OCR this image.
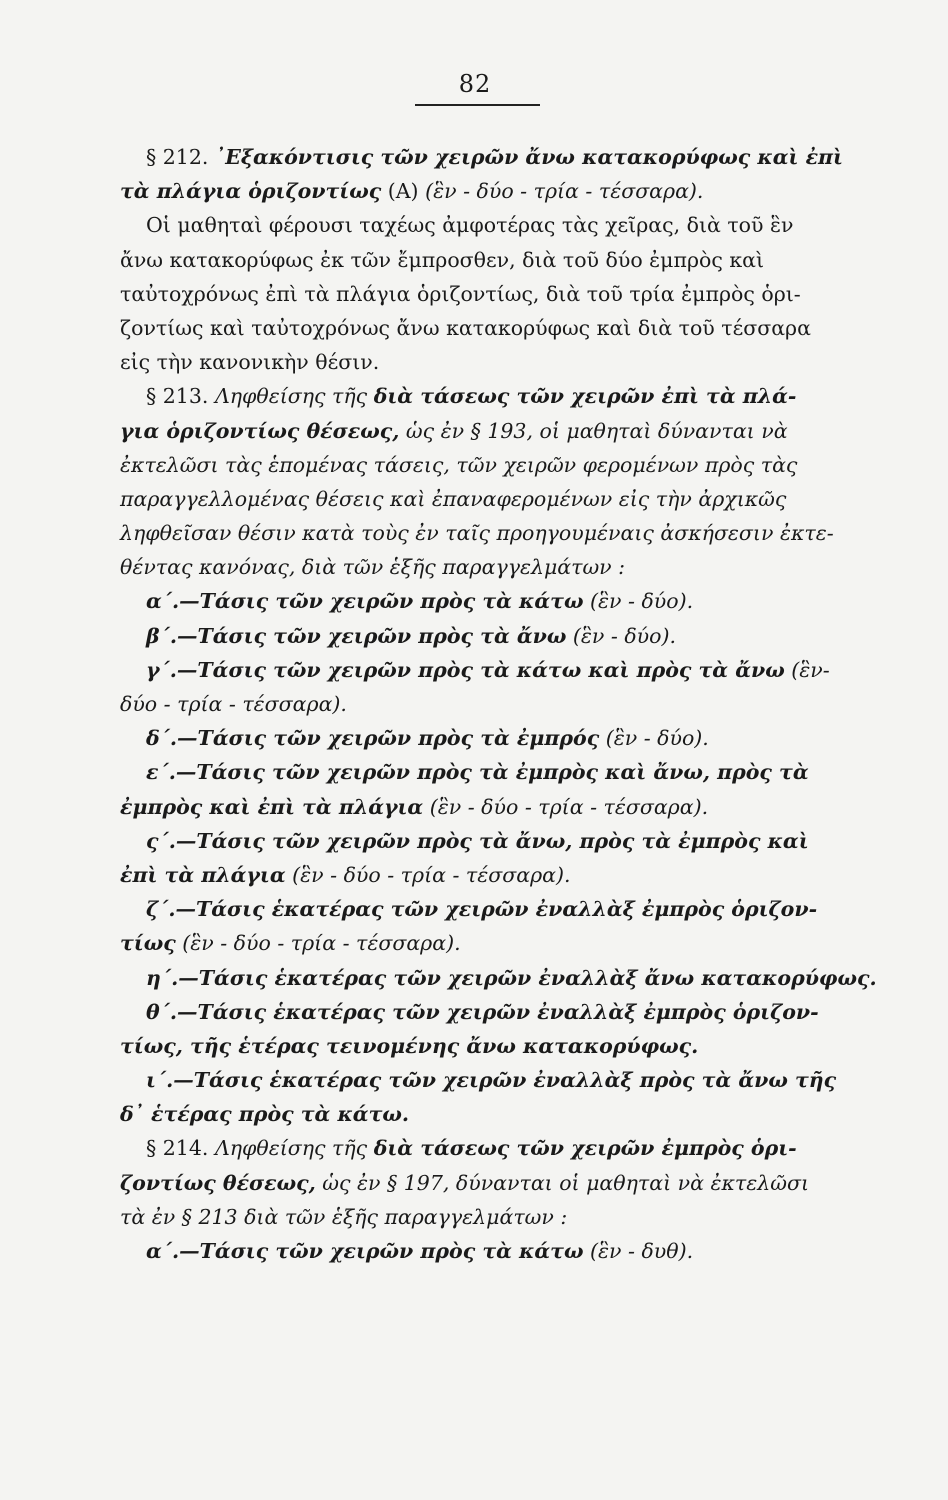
82
§ 212. ᾿Εξακόντισις τῶν χειρῶν ἄνω κατακορύφως καὶ ἐπὶ
τὰ πλάγια ὁριζοντίως (Α) (ἓν - δύο - τρία - τέσσαρα).
Οἱ μαθηταὶ φέρουσι ταχέως ἀμφοτέρας τὰς χεῖρας, διὰ τοῦ ἓν
ἄνω κατακορύφως ἐκ τῶν ἔμπροσθεν, διὰ τοῦ δύο ἐμπρὸς καὶ
ταὐτοχρόνως ἐπὶ τὰ πλάγια ὁριζοντίως, διὰ τοῦ τρία ἐμπρὸς ὁρι-
ζοντίως καὶ ταὐτοχρόνως ἄνω κατακορύφως καὶ διὰ τοῦ τέσσαρα
εἰς τὴν κανονικὴν θέσιν.
§ 213. Ληφθείσης τῆς διὰ τάσεως τῶν χειρῶν ἐπὶ τὰ πλά-
για ὁριζοντίως θέσεως, ὡς ἐν § 193, οἱ μαθηταὶ δύνανται νὰ
ἐκτελῶσι τὰς ἑπομένας τάσεις, τῶν χειρῶν φερομένων πρὸς τὰς
παραγγελλομένας θέσεις καὶ ἐπαναφερομένων εἰς τὴν ἀρχικῶς
ληφθεῖσαν θέσιν κατὰ τοὺς ἐν ταῖς προηγουμέναις ἀσκήσεσιν ἐκτε-
θέντας κανόνας, διὰ τῶν ἑξῆς παραγγελμάτων :
α΄.—Τάσις τῶν χειρῶν πρὸς τὰ κάτω (ἓν - δύο).
β΄.—Τάσις τῶν χειρῶν πρὸς τὰ ἄνω (ἓν - δύο).
γ΄.—Τάσις τῶν χειρῶν πρὸς τὰ κάτω καὶ πρὸς τὰ ἄνω (ἓν-
δύο - τρία - τέσσαρα).
δ΄.—Τάσις τῶν χειρῶν πρὸς τὰ ἐμπρός (ἓν - δύο).
ε΄.—Τάσις τῶν χειρῶν πρὸς τὰ ἐμπρὸς καὶ ἄνω, πρὸς τὰ
ἐμπρὸς καὶ ἐπὶ τὰ πλάγια (ἓν - δύο - τρία - τέσσαρα).
ς΄.—Τάσις τῶν χειρῶν πρὸς τὰ ἄνω, πρὸς τὰ ἐμπρὸς καὶ
ἐπὶ τὰ πλάγια (ἓν - δύο - τρία - τέσσαρα).
ζ΄.—Τάσις ἑκατέρας τῶν χειρῶν ἐναλλὰξ ἐμπρὸς ὁριζον-
τίως (ἓν - δύο - τρία - τέσσαρα).
η΄.—Τάσις ἑκατέρας τῶν χειρῶν ἐναλλὰξ ἄνω κατακορύφως.
θ΄.—Τάσις ἑκατέρας τῶν χειρῶν ἐναλλὰξ ἐμπρὸς ὁριζον-
τίως, τῆς ἑτέρας τεινομένης ἄνω κατακορύφως.
ι΄.—Τάσις ἑκατέρας τῶν χειρῶν ἐναλλὰξ πρὸς τὰ ἄνω τῆς
δ᾽ ἑτέρας πρὸς τὰ κάτω.
§ 214. Ληφθείσης τῆς διὰ τάσεως τῶν χειρῶν ἐμπρὸς ὁρι-
ζοντίως θέσεως, ὡς ἐν § 197, δύνανται οἱ μαθηταὶ νὰ ἐκτελῶσι
τὰ ἐν § 213 διὰ τῶν ἑξῆς παραγγελμάτων :
α΄.—Τάσις τῶν χειρῶν πρὸς τὰ κάτω (ἓν - δυθ).
